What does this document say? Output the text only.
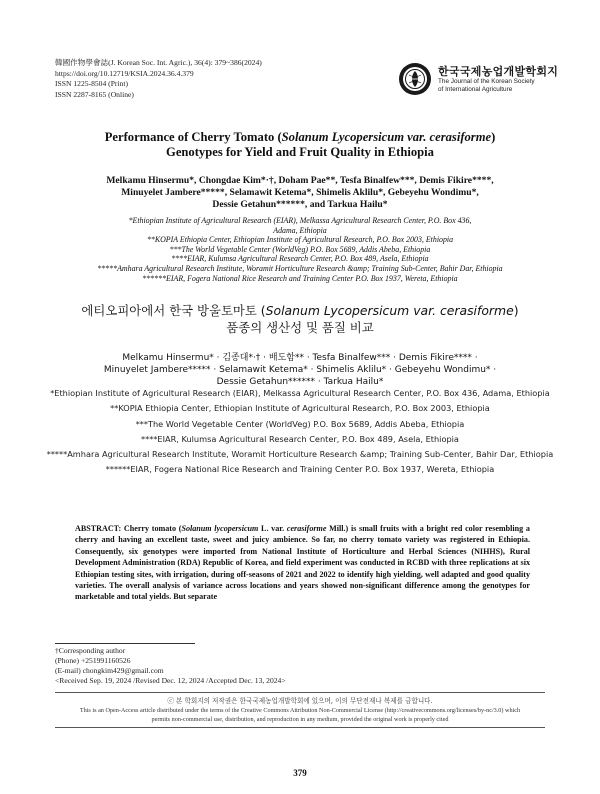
韓國作物學會誌(J. Korean Soc. Int. Agric.), 36(4): 379~386(2024)
https://doi.org/10.12719/KSIA.2024.36.4.379
ISSN 1225-8504 (Print)
ISSN 2287-8165 (Online)
한국국제농업개발학회지
The Journal of the Korean Society
of International Agriculture
Performance of Cherry Tomato (Solanum Lycopersicum var. cerasiforme)
Genotypes for Yield and Fruit Quality in Ethiopia
Melkamu Hinsermu*, Chongdae Kim*·†, Doham Pae**, Tesfa Binalfew***, Demis Fikire****,
Minuyelet Jambere*****, Selamawit Ketema*, Shimelis Aklilu*, Gebeyehu Wondimu*,
Dessie Getahun******, and Tarkua Hailu*
*Ethiopian Institute of Agricultural Research (EIAR), Melkassa Agricultural Research Center, P.O. Box 436,
Adama, Ethiopia
**KOPIA Ethiopia Center, Ethiopian Institute of Agricultural Research, P.O. Box 2003, Ethiopia
***The World Vegetable Center (WorldVeg) P.O. Box 5689, Addis Abeba, Ethiopia
****EIAR, Kulumsa Agricultural Research Center, P.O. Box 489, Asela, Ethiopia
*****Amhara Agricultural Research Institute, Woramit Horticulture Research &amp; Training Sub-Center, Bahir Dar, Ethiopia
******EIAR, Fogera National Rice Research and Training Center P.O. Box 1937, Wereta, Ethiopia
에티오피아에서 한국 방울토마토 (Solanum Lycopersicum var. cerasiforme)
품종의 생산성 및 품질 비교
Melkamu Hinsermu* · 김종대*·† · 배도함** · Tesfa Binalfew*** · Demis Fikire**** ·
Minuyelet Jambere***** · Selamawit Ketema* · Shimelis Aklilu* · Gebeyehu Wondimu* ·
Dessie Getahun****** · Tarkua Hailu*
*Ethiopian Institute of Agricultural Research (EIAR), Melkassa Agricultural Research Center, P.O. Box 436, Adama, Ethiopia
**KOPIA Ethiopia Center, Ethiopian Institute of Agricultural Research, P.O. Box 2003, Ethiopia
***The World Vegetable Center (WorldVeg) P.O. Box 5689, Addis Abeba, Ethiopia
****EIAR, Kulumsa Agricultural Research Center, P.O. Box 489, Asela, Ethiopia
*****Amhara Agricultural Research Institute, Woramit Horticulture Research &amp; Training Sub-Center, Bahir Dar, Ethiopia
******EIAR, Fogera National Rice Research and Training Center P.O. Box 1937, Wereta, Ethiopia
ABSTRACT: Cherry tomato (Solanum lycopersicum L. var. cerasiforme Mill.) is small fruits with a bright red color resembling a cherry and having an excellent taste, sweet and juicy ambience. So far, no cherry tomato variety was registered in Ethiopia. Consequently, six genotypes were imported from National Institute of Horticulture and Herbal Sciences (NIHHS), Rural Development Administration (RDA) Republic of Korea, and field experiment was conducted in RCBD with three replications at six Ethiopian testing sites, with irrigation, during off-seasons of 2021 and 2022 to identify high yielding, well adapted and good quality varieties. The overall analysis of variance across locations and years showed non-significant difference among the genotypes for marketable and total yields. But separate
†Corresponding author
(Phone) +251991160526
(E-mail) chongkim429@gmail.com
<Received Sep. 19, 2024 /Revised Dec. 12, 2024 /Accepted Dec. 13, 2024>
ⓒ 본 학회지의 저작권은 한국국제농업개발학회에 있으며, 이의 무단전재나 복제를 금합니다.
This is an Open-Access article distributed under the terms of the Creative Commons Attribution Non-Commercial License (http://creativecommons.org/licenses/by-nc/3.0) which
permits non-commercial use, distribution, and reproduction in any medium, provided the original work is properly cited
379
